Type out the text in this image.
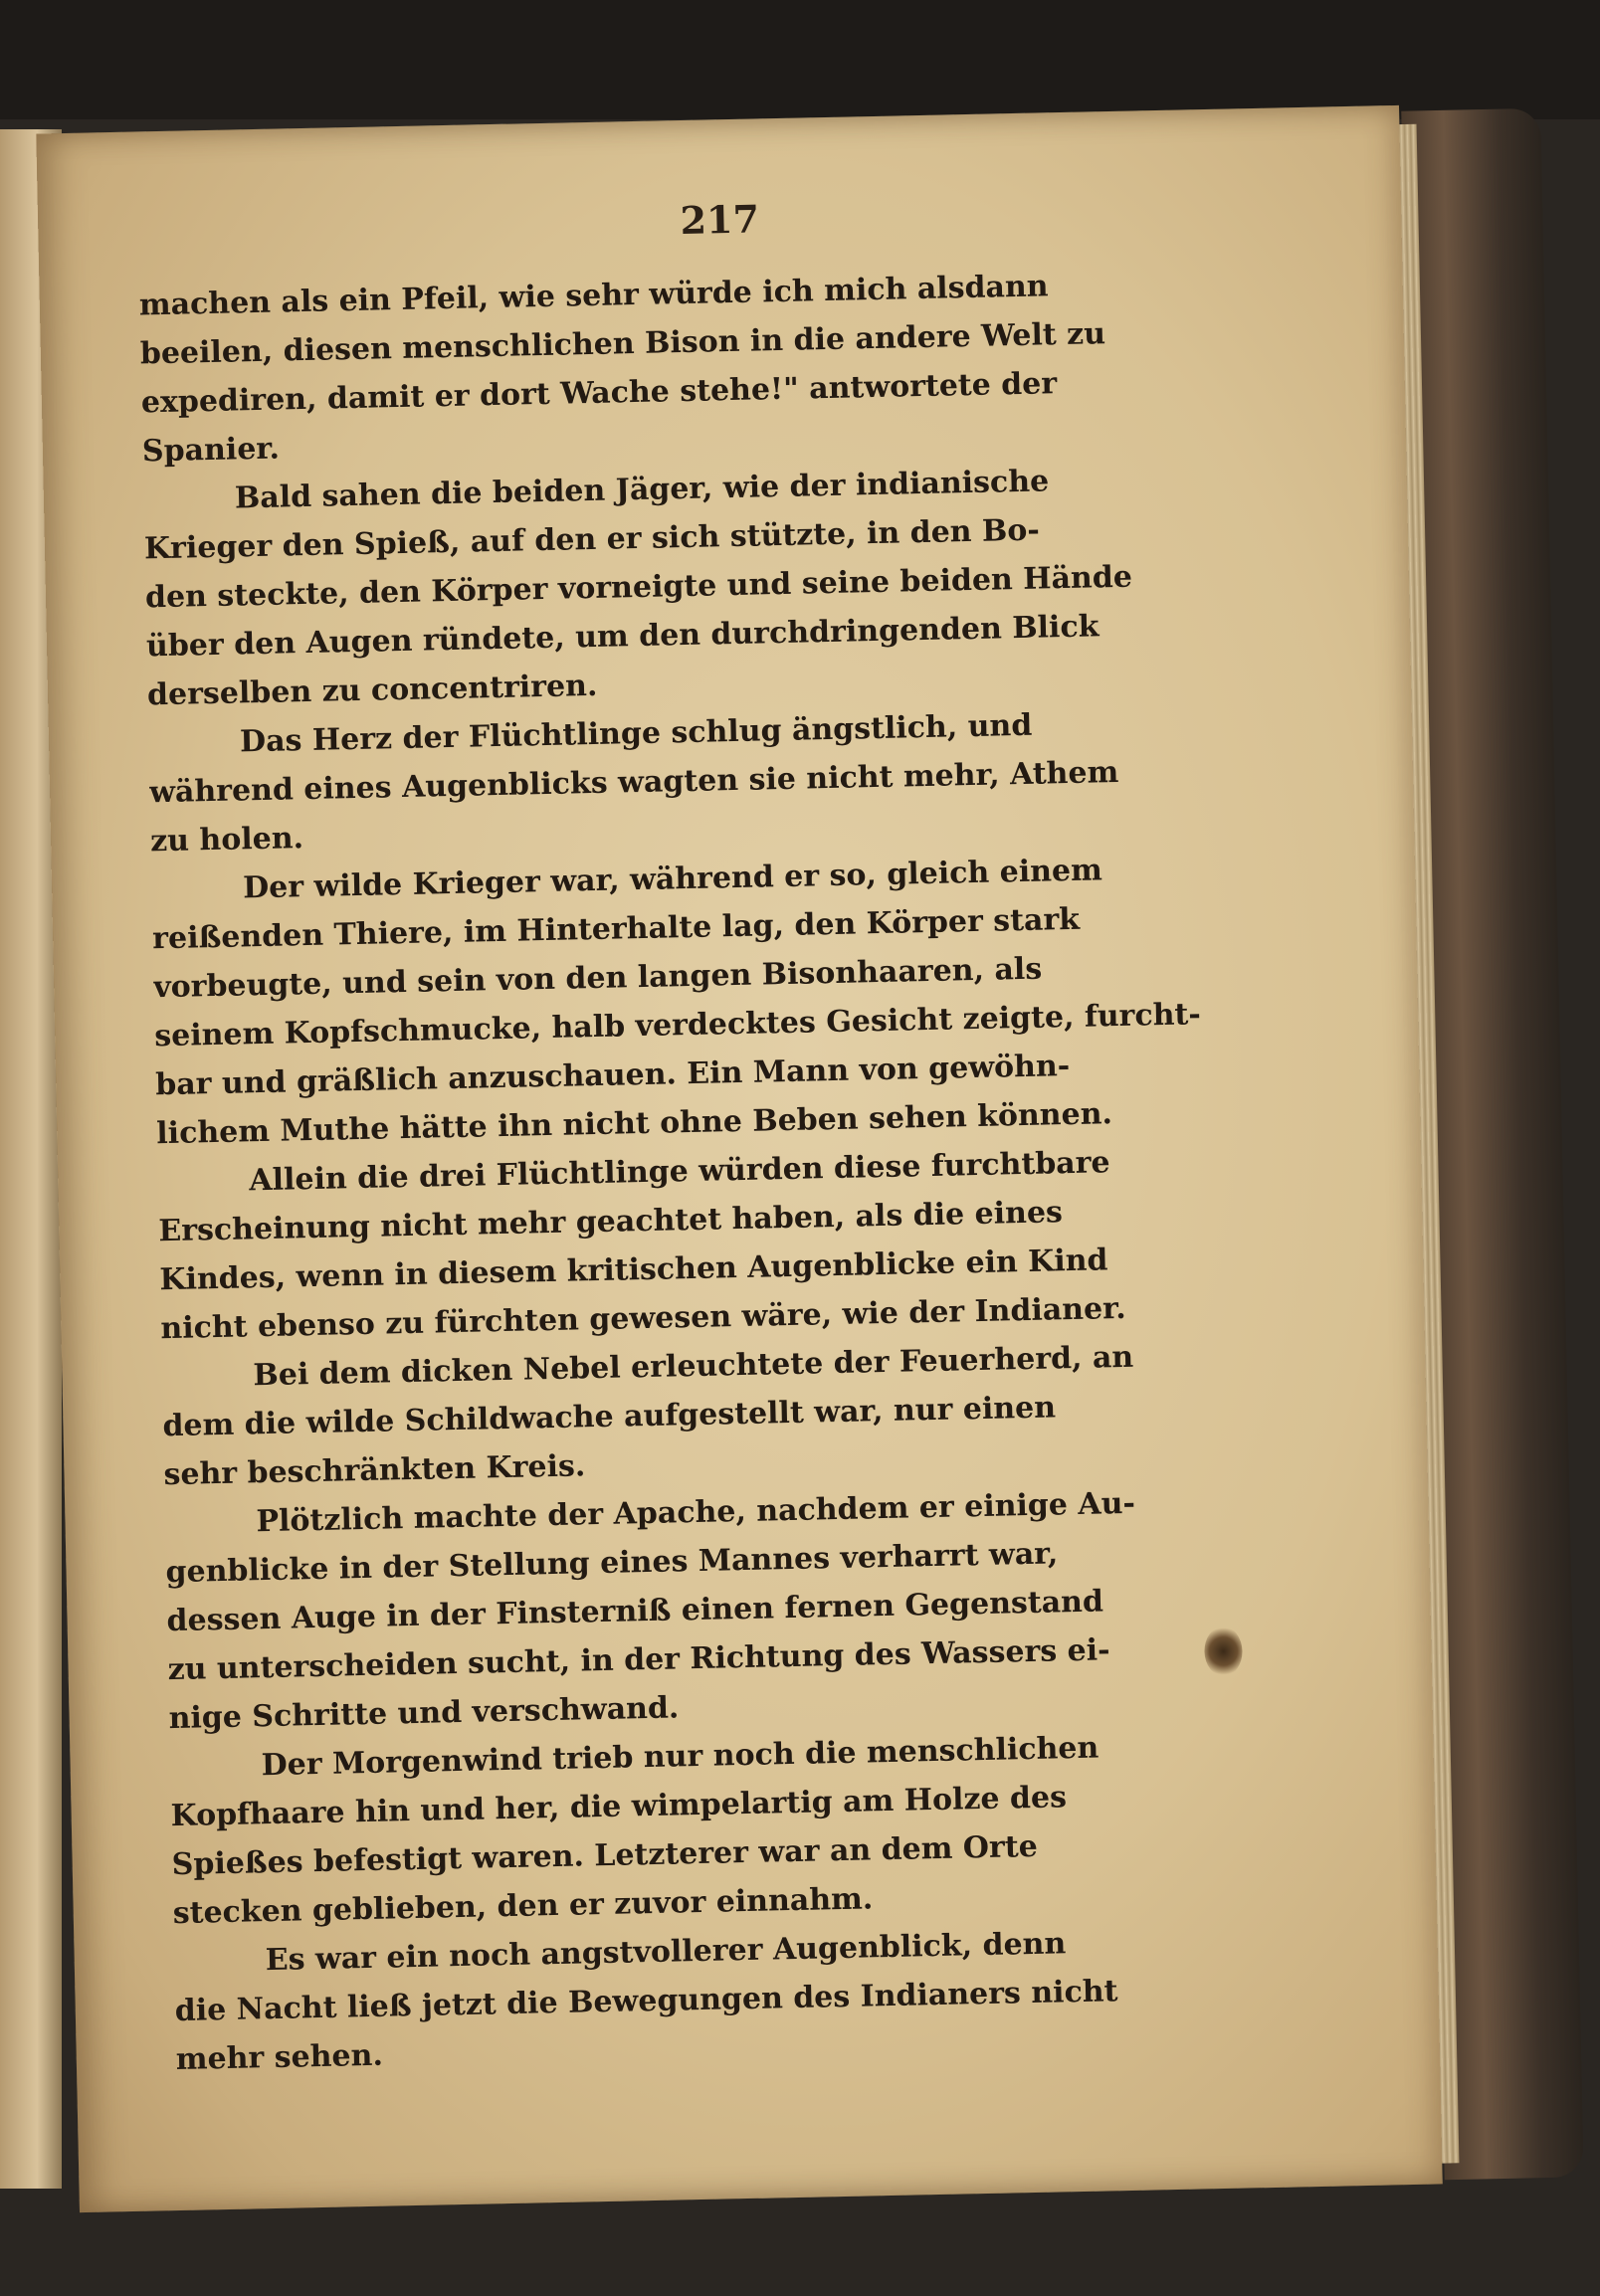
217
machen als ein Pfeil, wie sehr würde ich mich alsdann
beeilen, diesen menschlichen Bison in die andere Welt zu
expediren, damit er dort Wache stehe!" antwortete der
Spanier.
Bald sahen die beiden Jäger, wie der indianische
Krieger den Spieß, auf den er sich stützte, in den Bo-
den steckte, den Körper vorneigte und seine beiden Hände
über den Augen ründete, um den durchdringenden Blick
derselben zu concentriren.
Das Herz der Flüchtlinge schlug ängstlich, und
während eines Augenblicks wagten sie nicht mehr, Athem
zu holen.
Der wilde Krieger war, während er so, gleich einem
reißenden Thiere, im Hinterhalte lag, den Körper stark
vorbeugte, und sein von den langen Bisonhaaren, als
seinem Kopfschmucke, halb verdecktes Gesicht zeigte, furcht-
bar und gräßlich anzuschauen. Ein Mann von gewöhn-
lichem Muthe hätte ihn nicht ohne Beben sehen können.
Allein die drei Flüchtlinge würden diese furchtbare
Erscheinung nicht mehr geachtet haben, als die eines
Kindes, wenn in diesem kritischen Augenblicke ein Kind
nicht ebenso zu fürchten gewesen wäre, wie der Indianer.
Bei dem dicken Nebel erleuchtete der Feuerherd, an
dem die wilde Schildwache aufgestellt war, nur einen
sehr beschränkten Kreis.
Plötzlich machte der Apache, nachdem er einige Au-
genblicke in der Stellung eines Mannes verharrt war,
dessen Auge in der Finsterniß einen fernen Gegenstand
zu unterscheiden sucht, in der Richtung des Wassers ei-
nige Schritte und verschwand.
Der Morgenwind trieb nur noch die menschlichen
Kopfhaare hin und her, die wimpelartig am Holze des
Spießes befestigt waren. Letzterer war an dem Orte
stecken geblieben, den er zuvor einnahm.
Es war ein noch angstvollerer Augenblick, denn
die Nacht ließ jetzt die Bewegungen des Indianers nicht
mehr sehen.
